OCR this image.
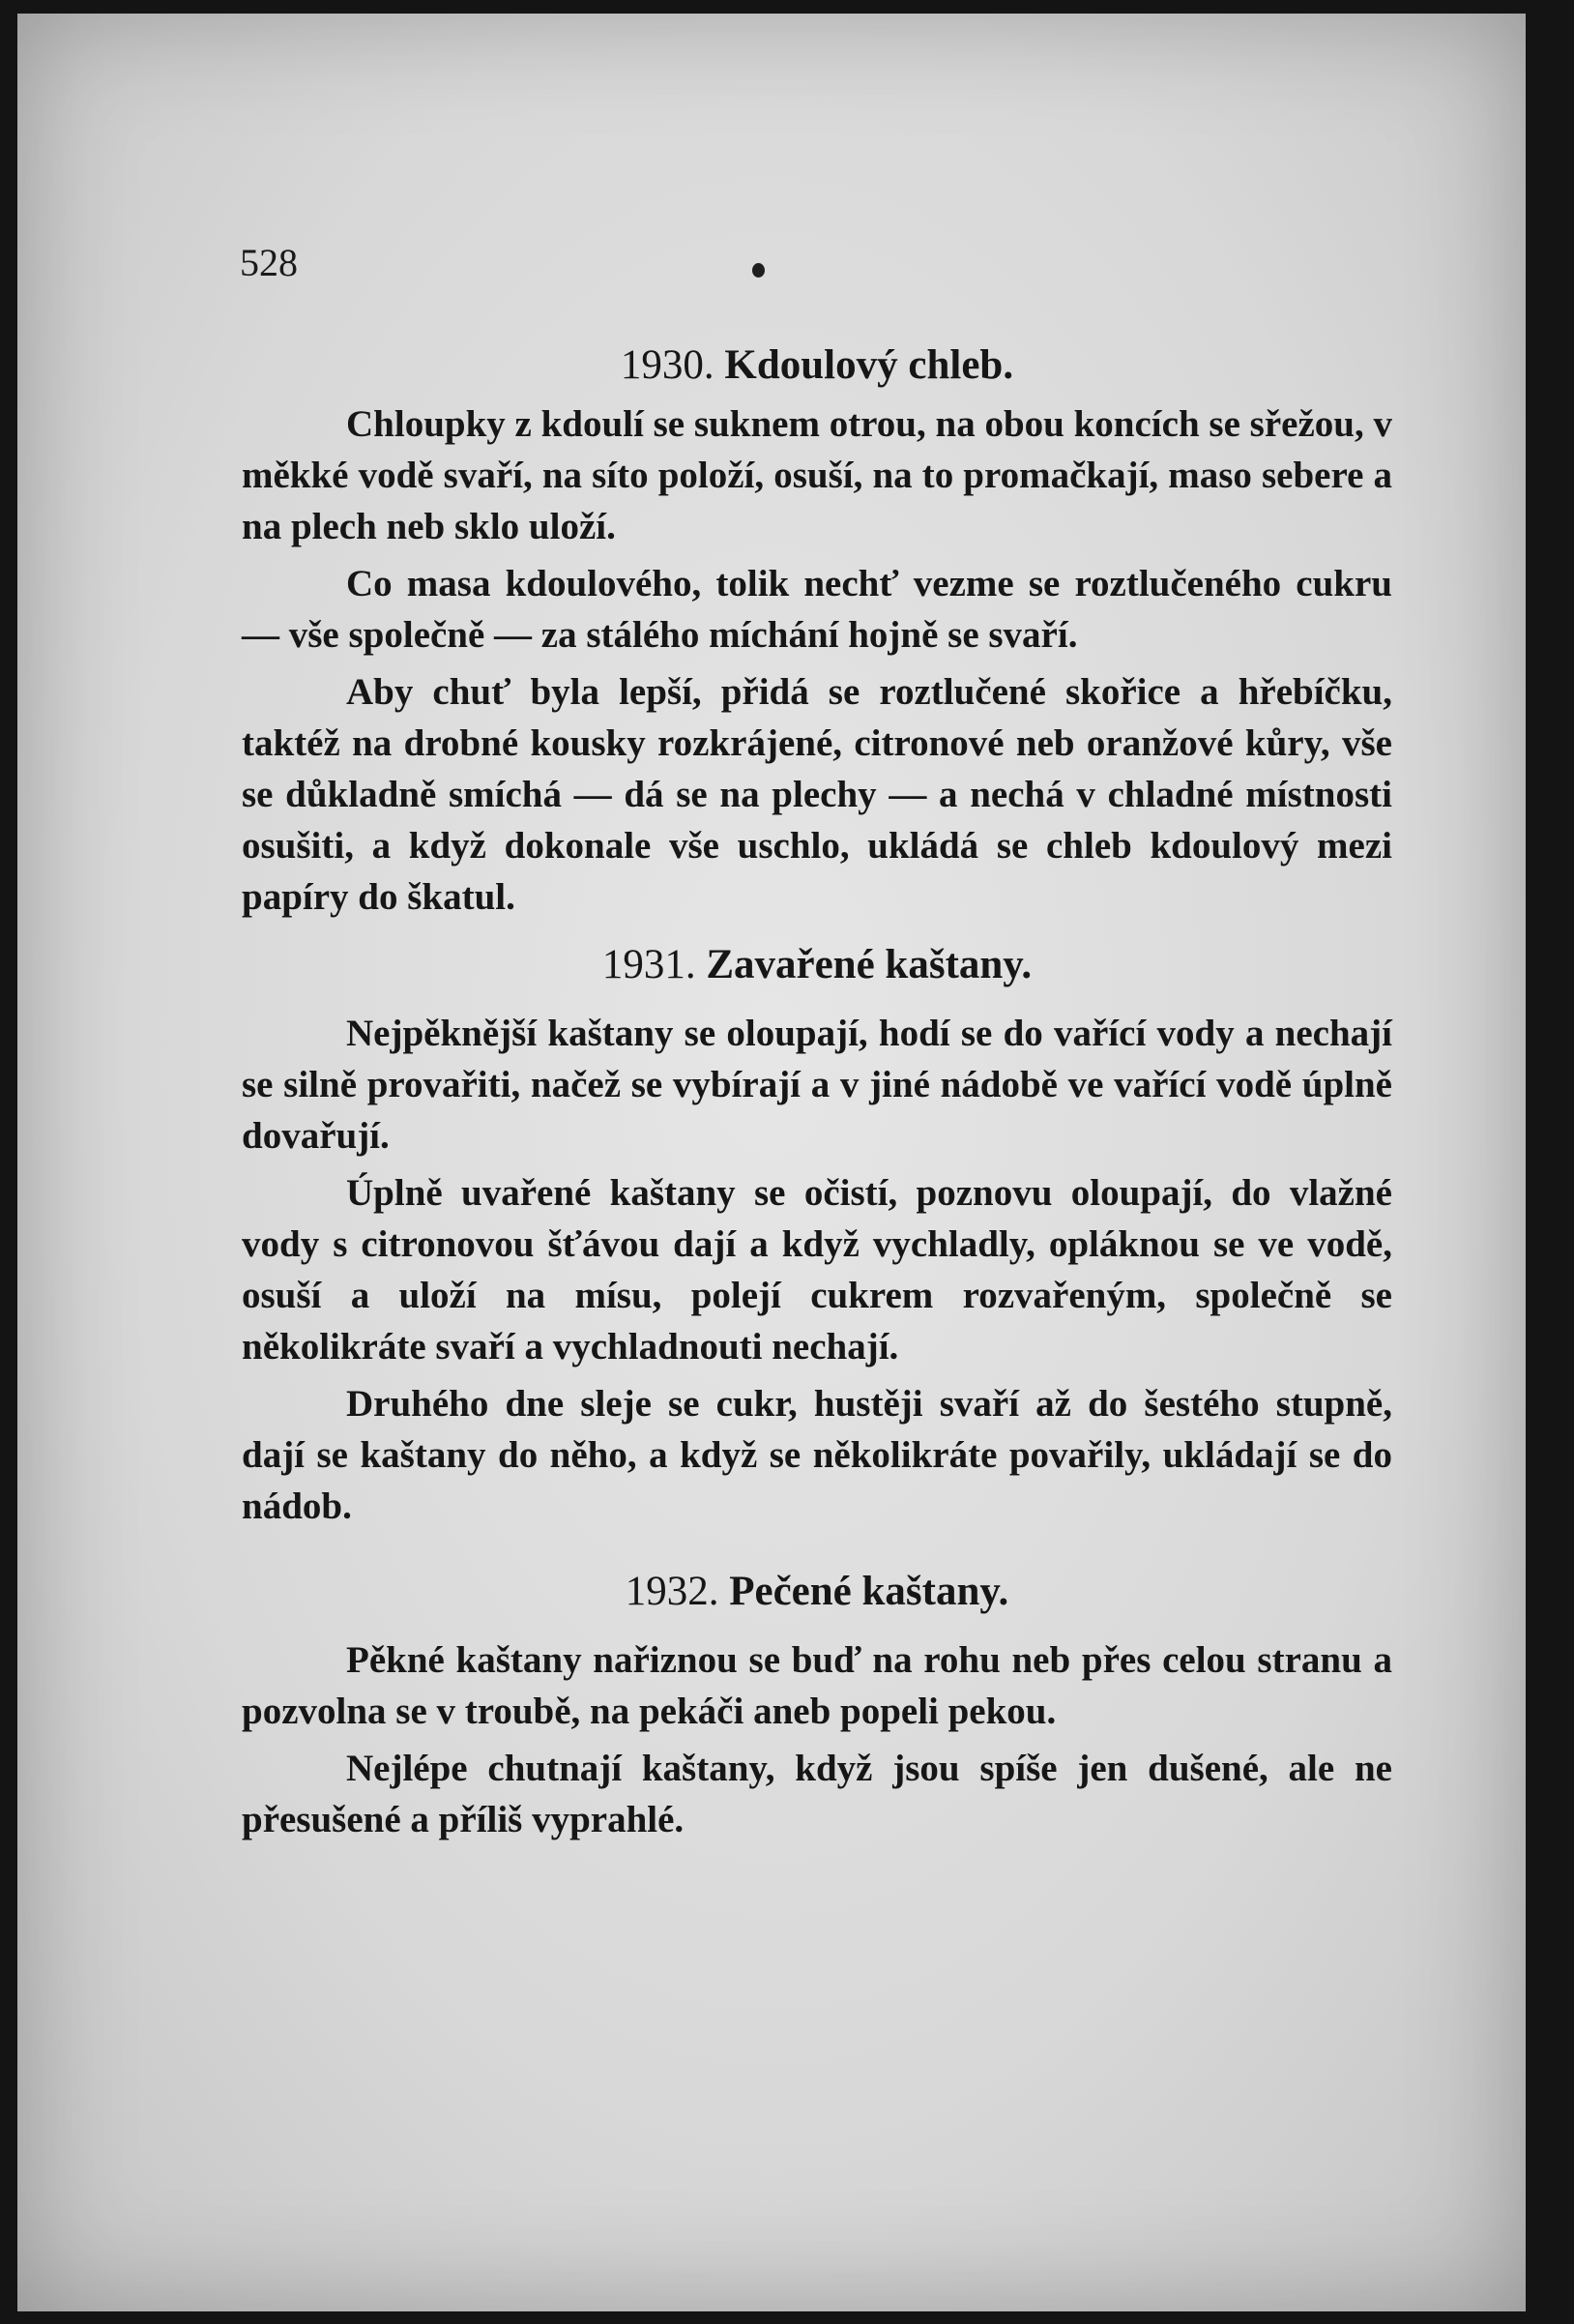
528
1930. Kdoulový chleb.

Chloupky z kdoulí se suknem otrou, na obou koncích se sřežou, v měkké vodě svaří, na síto položí, osuší, na to promačkají, maso sebere a na plech neb sklo uloží.

Co masa kdoulového, tolik nechť vezme se roztlučeného cukru — vše společně — za stálého míchání hojně se svaří.

Aby chuť byla lepší, přidá se roztlučené skořice a hřebíčku, taktéž na drobné kousky rozkrájené, citronové neb oranžové kůry, vše se důkladně smíchá — dá se na plechy — a nechá v chladné místnosti osušiti, a když dokonale vše uschlo, ukládá se chleb kdoulový mezi papíry do škatul.

1931. Zavařené kaštany.

Nejpěknější kaštany se oloupají, hodí se do vařící vody a nechají se silně provařiti, načež se vybírají a v jiné nádobě ve vařící vodě úplně dovařují.

Úplně uvařené kaštany se očistí, poznovu oloupají, do vlažné vody s citronovou šťávou dají a když vychladly, opláknou se ve vodě, osuší a uloží na mísu, polejí cukrem rozvařeným, společně se několikráte svaří a vychladnouti nechají.

Druhého dne sleje se cukr, hustěji svaří až do šestého stupně, dají se kaštany do něho, a když se několikráte povařily, ukládají se do nádob.

1932. Pečené kaštany.

Pěkné kaštany nařiznou se buď na rohu neb přes celou stranu a pozvolna se v troubě, na pekáči aneb popeli pekou.

Nejlépe chutnají kaštany, když jsou spíše jen dušené, ale ne přesušené a příliš vyprahlé.
